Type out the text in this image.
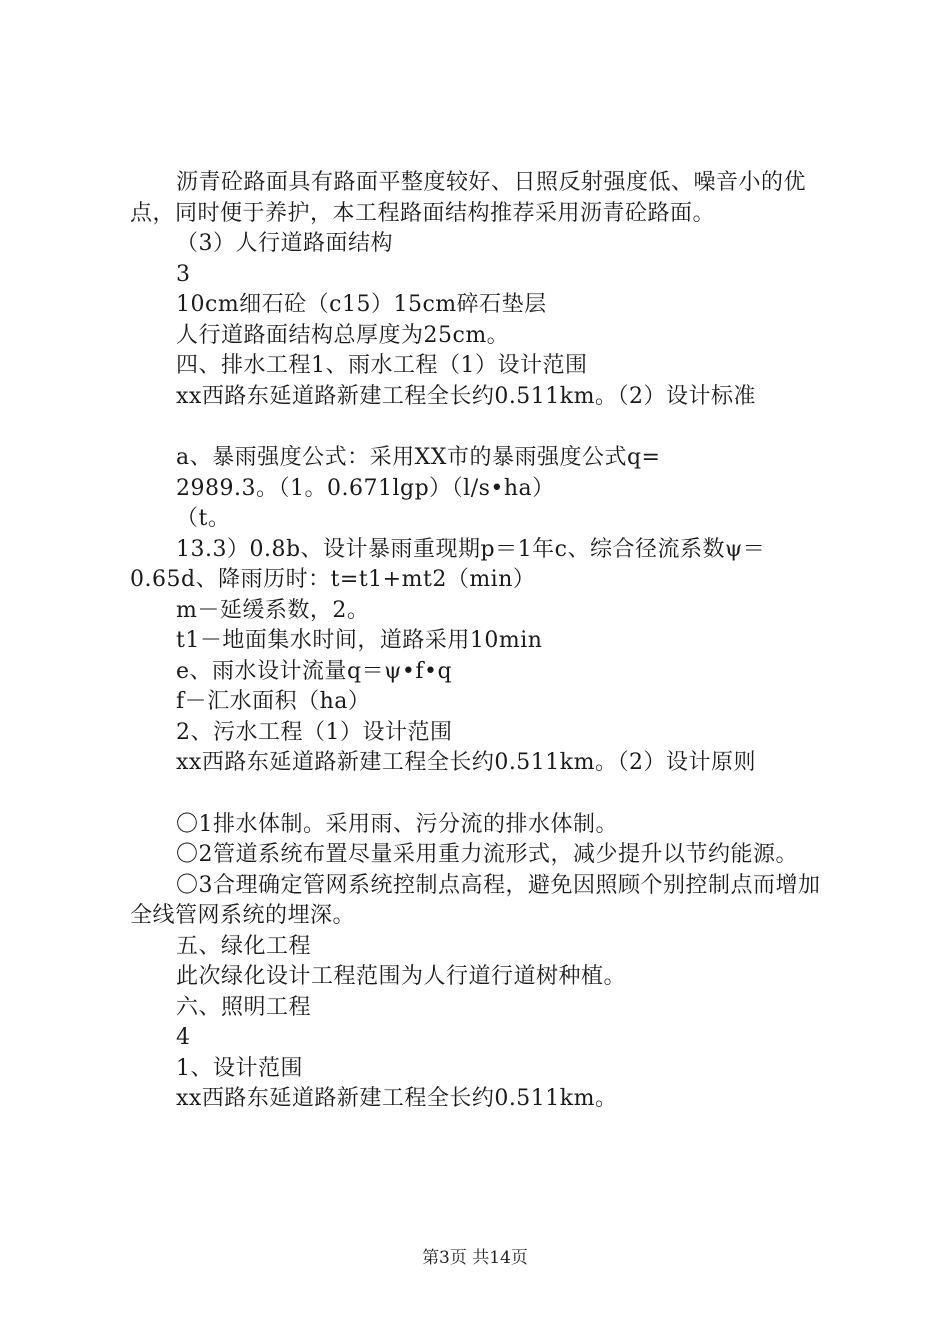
沥青砼路面具有路面平整度较好、日照反射强度低、噪音小的优点，同时便于养护，本工程路面结构推荐采用沥青砼路面。

（3）人行道路面结构

3

10cm细石砼（c15）15cm碎石垫层

人行道路面结构总厚度为25cm。

四、排水工程1、雨水工程（1）设计范围

xx西路东延道路新建工程全长约0.511km。（2）设计标准

a、暴雨强度公式：采用XX市的暴雨强度公式q=

2989.3。（1。0.671lgp）（l/s•ha）

（t。

13.3）0.8b、设计暴雨重现期p＝1年c、综合径流系数ψ＝0.65d、降雨历时：t=t1+mt2（min）

m－延缓系数，2。

t1－地面集水时间，道路采用10min

e、雨水设计流量q＝ψ•f•q

f－汇水面积（ha）

2、污水工程（1）设计范围

xx西路东延道路新建工程全长约0.511km。（2）设计原则

〇1排水体制。采用雨、污分流的排水体制。

〇2管道系统布置尽量采用重力流形式，减少提升以节约能源。

〇3合理确定管网系统控制点高程，避免因照顾个别控制点而增加全线管网系统的埋深。

五、绿化工程

此次绿化设计工程范围为人行道行道树种植。

六、照明工程

4

1、设计范围

xx西路东延道路新建工程全长约0.511km。

第3页 共14页
